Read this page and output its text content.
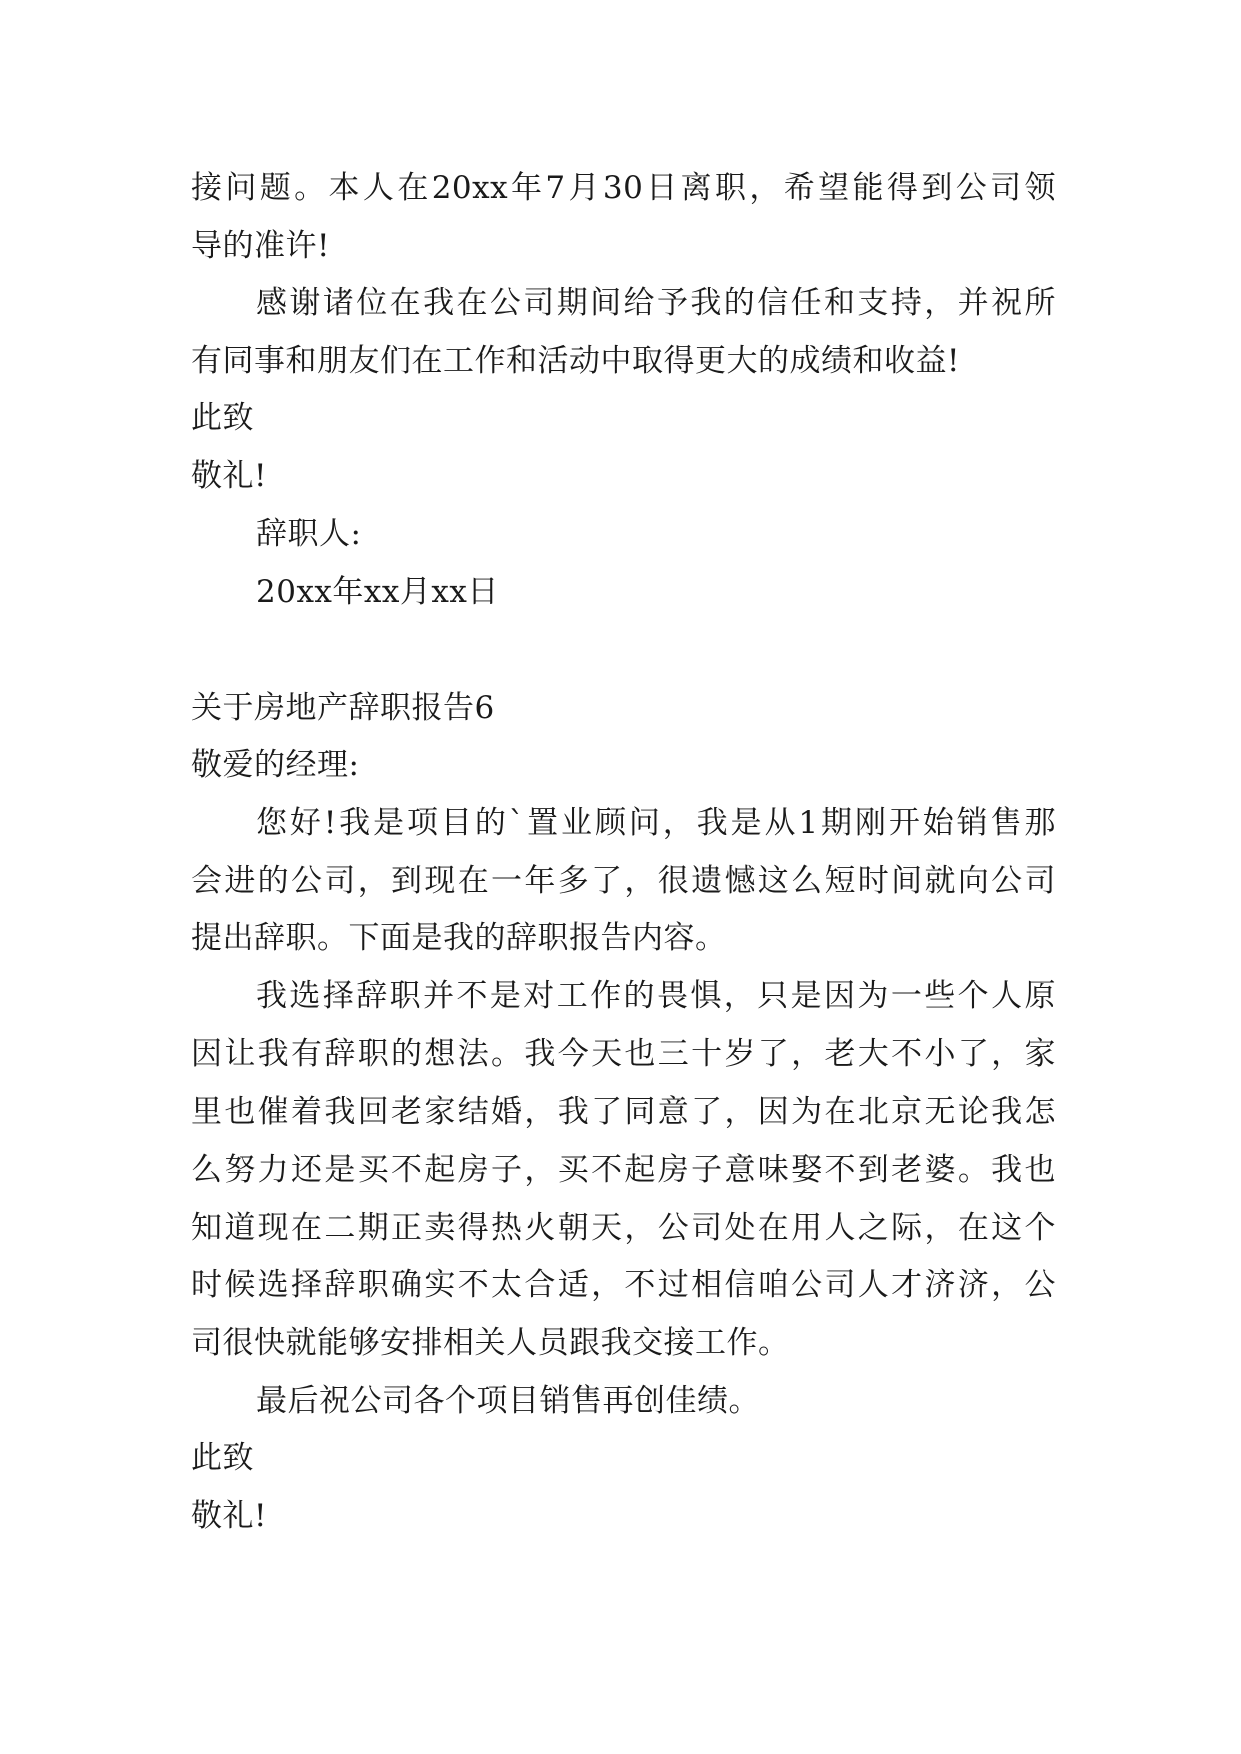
接问题。本人在20xx年7月30日离职，希望能得到公司领
导的准许!
感谢诸位在我在公司期间给予我的信任和支持，并祝所
有同事和朋友们在工作和活动中取得更大的成绩和收益!
此致
敬礼!
辞职人:
20xx年xx月xx日
关于房地产辞职报告6
敬爱的经理:
您好!我是项目的`置业顾问，我是从1期刚开始销售那
会进的公司，到现在一年多了，很遗憾这么短时间就向公司
提出辞职。下面是我的辞职报告内容。
我选择辞职并不是对工作的畏惧，只是因为一些个人原
因让我有辞职的想法。我今天也三十岁了，老大不小了，家
里也催着我回老家结婚，我了同意了，因为在北京无论我怎
么努力还是买不起房子，买不起房子意味娶不到老婆。我也
知道现在二期正卖得热火朝天，公司处在用人之际，在这个
时候选择辞职确实不太合适，不过相信咱公司人才济济，公
司很快就能够安排相关人员跟我交接工作。
最后祝公司各个项目销售再创佳绩。
此致
敬礼!
